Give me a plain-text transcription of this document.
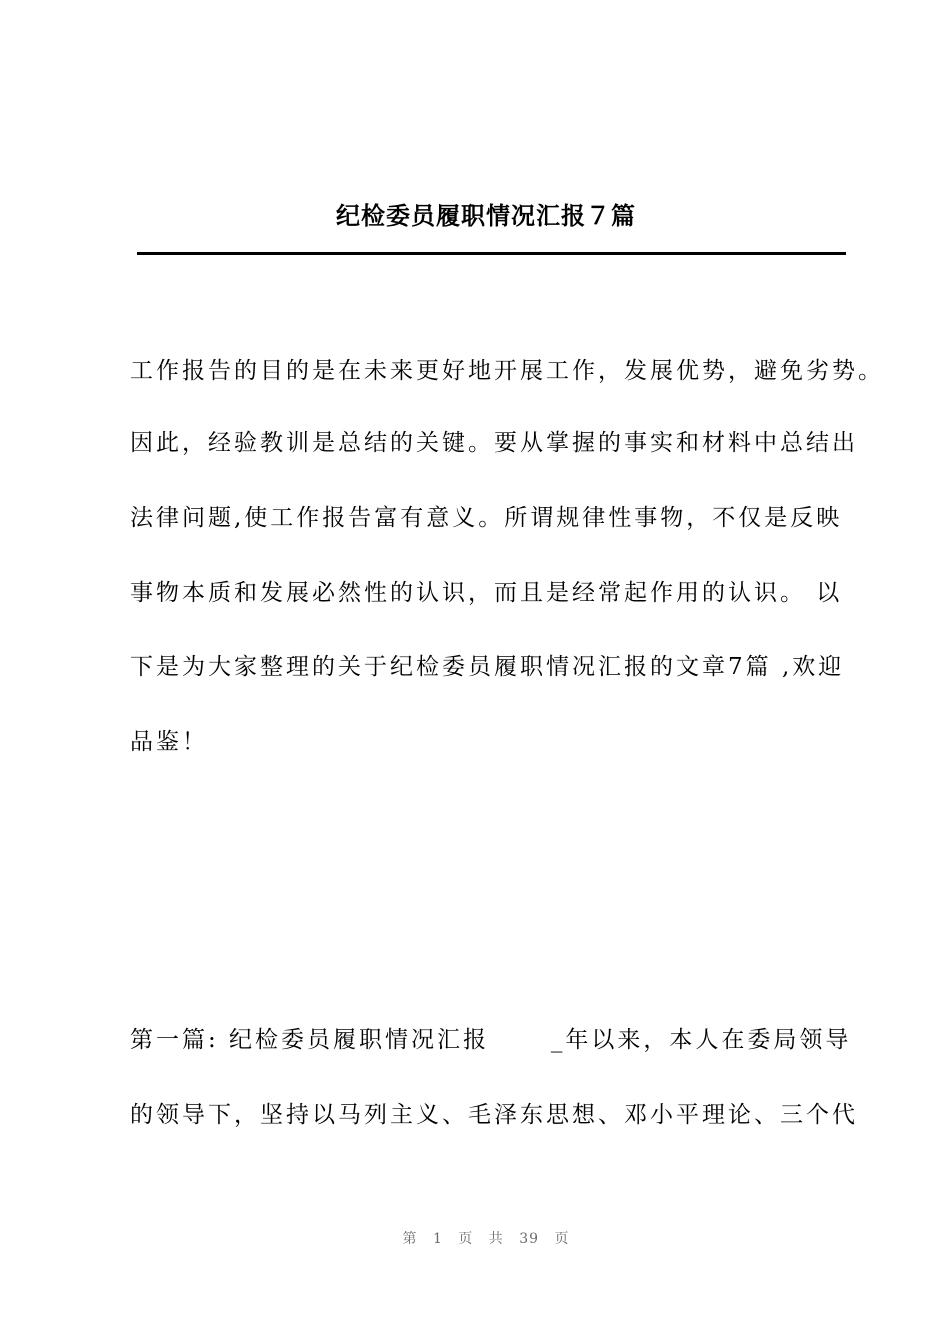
纪检委员履职情况汇报７篇
工作报告的目的是在未来更好地开展工作，发展优势，避免劣势。
因此，经验教训是总结的关键。要从掌握的事实和材料中总结出
法律问题,使工作报告富有意义。所谓规律性事物，不仅是反映
事物本质和发展必然性的认识，而且是经常起作用的认识。 以
下是为大家整理的关于纪检委员履职情况汇报的文章7篇 ,欢迎
品鉴！
第一篇: 纪检委员履职情况汇报      _年以来，本人在委局领导
的领导下，坚持以马列主义、毛泽东思想、邓小平理论、三个代
第 1 页 共 39 页
